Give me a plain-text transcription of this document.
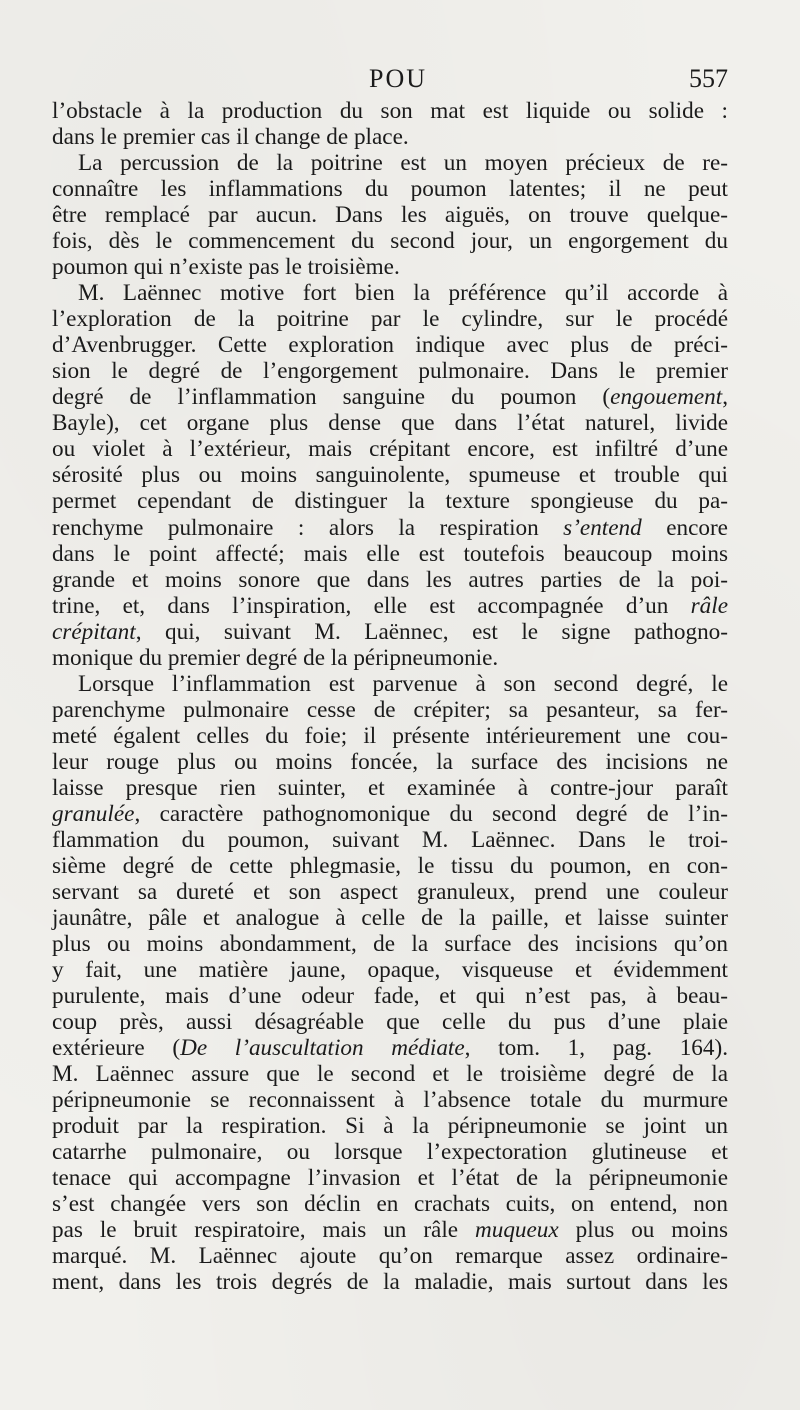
POU	557
l’obstacle à la production du son mat est liquide ou solide :
dans le premier cas il change de place.
La percussion de la poitrine est un moyen précieux de re-
connaître les inflammations du poumon latentes; il ne peut
être remplacé par aucun. Dans les aiguës, on trouve quelque-
fois, dès le commencement du second jour, un engorgement du
poumon qui n’existe pas le troisième.
M. Laënnec motive fort bien la préférence qu’il accorde à
l’exploration de la poitrine par le cylindre, sur le procédé
d’Avenbrugger. Cette exploration indique avec plus de préci-
sion le degré de l’engorgement pulmonaire. Dans le premier
degré de l’inflammation sanguine du poumon (engouement,
Bayle), cet organe plus dense que dans l’état naturel, livide
ou violet à l’extérieur, mais crépitant encore, est infiltré d’une
sérosité plus ou moins sanguinolente, spumeuse et trouble qui
permet cependant de distinguer la texture spongieuse du pa-
renchyme pulmonaire : alors la respiration s’entend encore
dans le point affecté; mais elle est toutefois beaucoup moins
grande et moins sonore que dans les autres parties de la poi-
trine, et, dans l’inspiration, elle est accompagnée d’un râle
crépitant, qui, suivant M. Laënnec, est le signe pathogno-
monique du premier degré de la péripneumonie.
Lorsque l’inflammation est parvenue à son second degré, le
parenchyme pulmonaire cesse de crépiter; sa pesanteur, sa fer-
meté égalent celles du foie; il présente intérieurement une cou-
leur rouge plus ou moins foncée, la surface des incisions ne
laisse presque rien suinter, et examinée à contre-jour paraît
granulée, caractère pathognomonique du second degré de l’in-
flammation du poumon, suivant M. Laënnec. Dans le troi-
sième degré de cette phlegmasie, le tissu du poumon, en con-
servant sa dureté et son aspect granuleux, prend une couleur
jaunâtre, pâle et analogue à celle de la paille, et laisse suinter
plus ou moins abondamment, de la surface des incisions qu’on
y fait, une matière jaune, opaque, visqueuse et évidemment
purulente, mais d’une odeur fade, et qui n’est pas, à beau-
coup près, aussi désagréable que celle du pus d’une plaie
extérieure (De l’auscultation médiate, tom. 1, pag. 164).
M. Laënnec assure que le second et le troisième degré de la
péripneumonie se reconnaissent à l’absence totale du murmure
produit par la respiration. Si à la péripneumonie se joint un
catarrhe pulmonaire, ou lorsque l’expectoration glutineuse et
tenace qui accompagne l’invasion et l’état de la péripneumonie
s’est changée vers son déclin en crachats cuits, on entend, non
pas le bruit respiratoire, mais un râle muqueux plus ou moins
marqué. M. Laënnec ajoute qu’on remarque assez ordinaire-
ment, dans les trois degrés de la maladie, mais surtout dans les
